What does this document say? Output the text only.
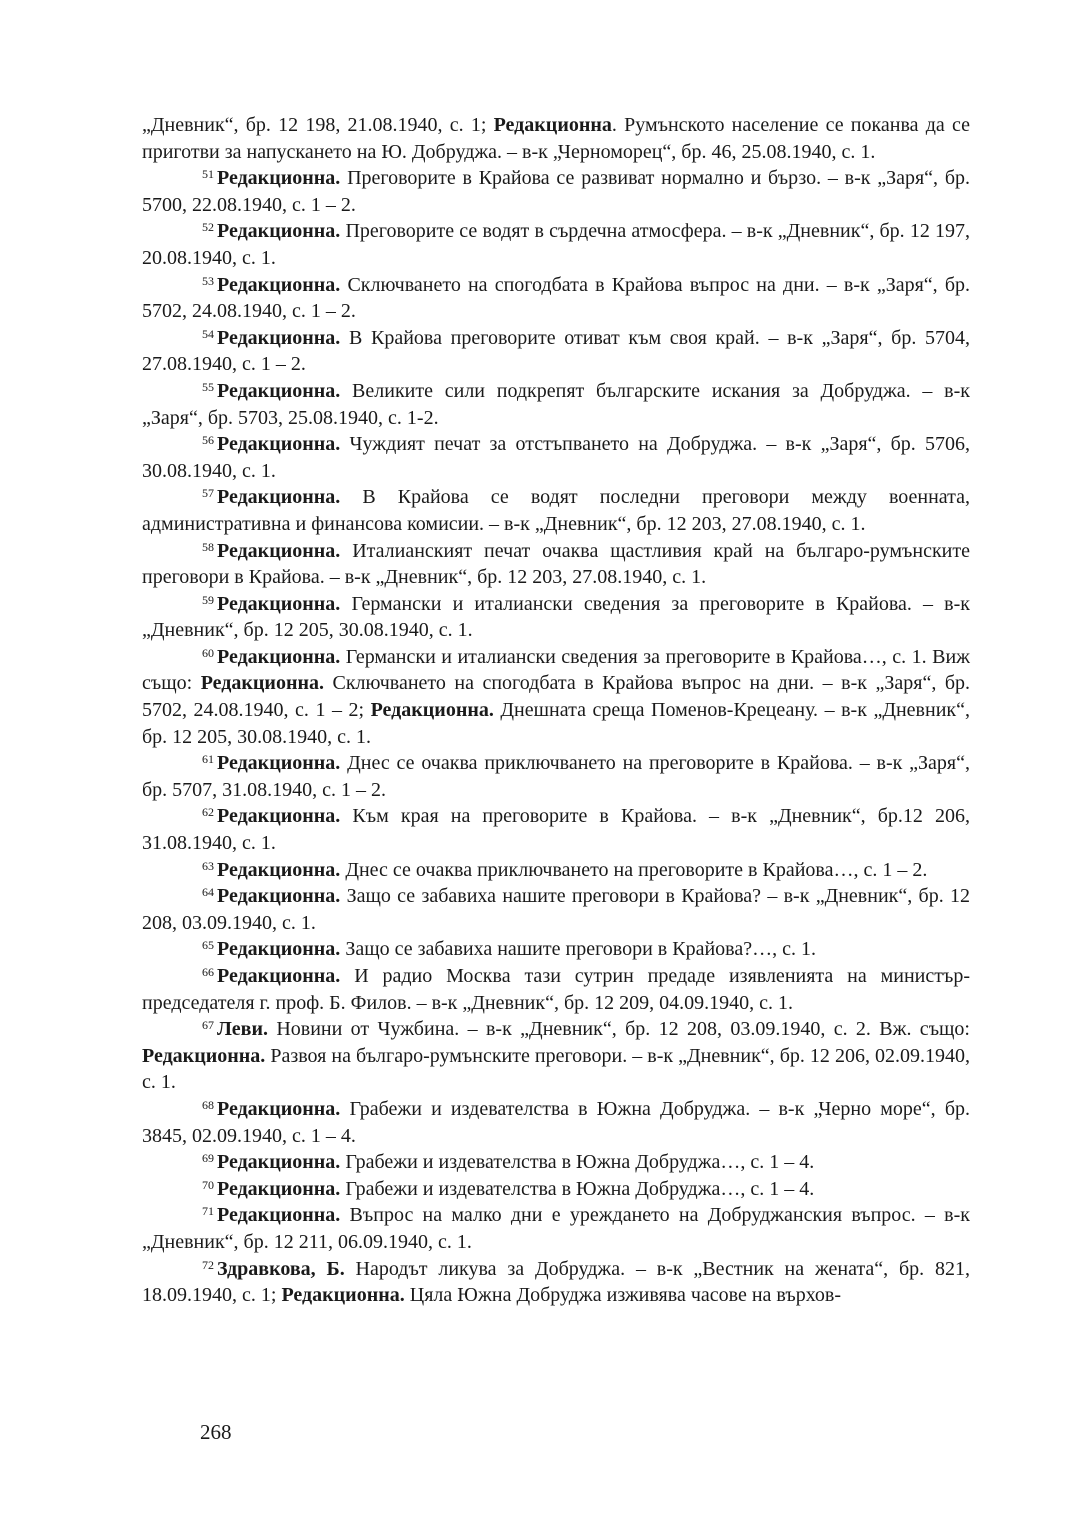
„Дневник“, бр. 12 198, 21.08.1940, с. 1; Редакционна. Румънското население се поканва да се приготви за напускането на Ю. Добруджа. – в-к „Черноморец“, бр. 46, 25.08.1940, с. 1.

$^{51}$ Редакционна. Преговорите в Крайова се развиват нормално и бързо. – в-к „Заря“, бр. 5700, 22.08.1940, с. 1 – 2.

$^{52}$ Редакционна. Преговорите се водят в сърдечна атмосфера. – в-к „Дневник“, бр. 12 197, 20.08.1940, с. 1.

$^{53}$ Редакционна. Сключването на спогодбата в Крайова въпрос на дни. – в-к „Заря“, бр. 5702, 24.08.1940, с. 1 – 2.

$^{54}$ Редакционна. В Крайова преговорите отиват към своя край. – в-к „Заря“, бр. 5704, 27.08.1940, с. 1 – 2.

$^{55}$ Редакционна. Великите сили подкрепят българските искания за Добруджа. – в-к „Заря“, бр. 5703, 25.08.1940, с. 1-2.

$^{56}$ Редакционна. Чуждият печат за отстъпването на Добруджа. – в-к „Заря“, бр. 5706, 30.08.1940, с. 1.

$^{57}$ Редакционна. В Крайова се водят последни преговори между военната, административна и финансова комисии. – в-к „Дневник“, бр. 12 203, 27.08.1940, с. 1.

$^{58}$ Редакционна. Италианският печат очаква щастливия край на българо-румънските преговори в Крайова. – в-к „Дневник“, бр. 12 203, 27.08.1940, с. 1.

$^{59}$ Редакционна. Германски и италиански сведения за преговорите в Крайова. – в-к „Дневник“, бр. 12 205, 30.08.1940, с. 1.

$^{60}$ Редакционна. Германски и италиански сведения за преговорите в Крайова…, с. 1. Виж също: Редакционна. Сключването на спогодбата в Крайова въпрос на дни. – в-к „Заря“, бр. 5702, 24.08.1940, с. 1 – 2; Редакционна. Днешната среща Поменов-Крецеану. – в-к „Дневник“, бр. 12 205, 30.08.1940, с. 1.

$^{61}$ Редакционна. Днес се очаква приключването на преговорите в Крайова. – в-к „Заря“, бр. 5707, 31.08.1940, с. 1 – 2.

$^{62}$ Редакционна. Към края на преговорите в Крайова. – в-к „Дневник“, бр.12 206, 31.08.1940, с. 1.

$^{63}$ Редакционна. Днес се очаква приключването на преговорите в Крайова…, с. 1 – 2.

$^{64}$ Редакционна. Защо се забавиха нашите преговори в Крайова? – в-к „Дневник“, бр. 12 208, 03.09.1940, с. 1.

$^{65}$ Редакционна. Защо се забавиха нашите преговори в Крайова?…, с. 1.

$^{66}$ Редакционна. И радио Москва тази сутрин предаде изявленията на министър-председателя г. проф. Б. Филов. – в-к „Дневник“, бр. 12 209, 04.09.1940, с. 1.

$^{67}$ Леви. Новини от Чужбина. – в-к „Дневник“, бр. 12 208, 03.09.1940, с. 2. Вж. също: Редакционна. Развоя на българо-румънските преговори. – в-к „Дневник“, бр. 12 206, 02.09.1940, с. 1.

$^{68}$ Редакционна. Грабежи и издевателства в Южна Добруджа. – в-к „Черно море“, бр. 3845, 02.09.1940, с. 1 – 4.

$^{69}$ Редакционна. Грабежи и издевателства в Южна Добруджа…, с. 1 – 4.

$^{70}$ Редакционна. Грабежи и издевателства в Южна Добруджа…, с. 1 – 4.

$^{71}$ Редакционна. Въпрос на малко дни е уреждането на Добруджанския въпрос. – в-к „Дневник“, бр. 12 211, 06.09.1940, с. 1.

$^{72}$ Здравкова, Б. Народът ликува за Добруджа. – в-к „Вестник на жената“, бр. 821, 18.09.1940, с. 1; Редакционна. Цяла Южна Добруджа изживява часове на върхов-

268
